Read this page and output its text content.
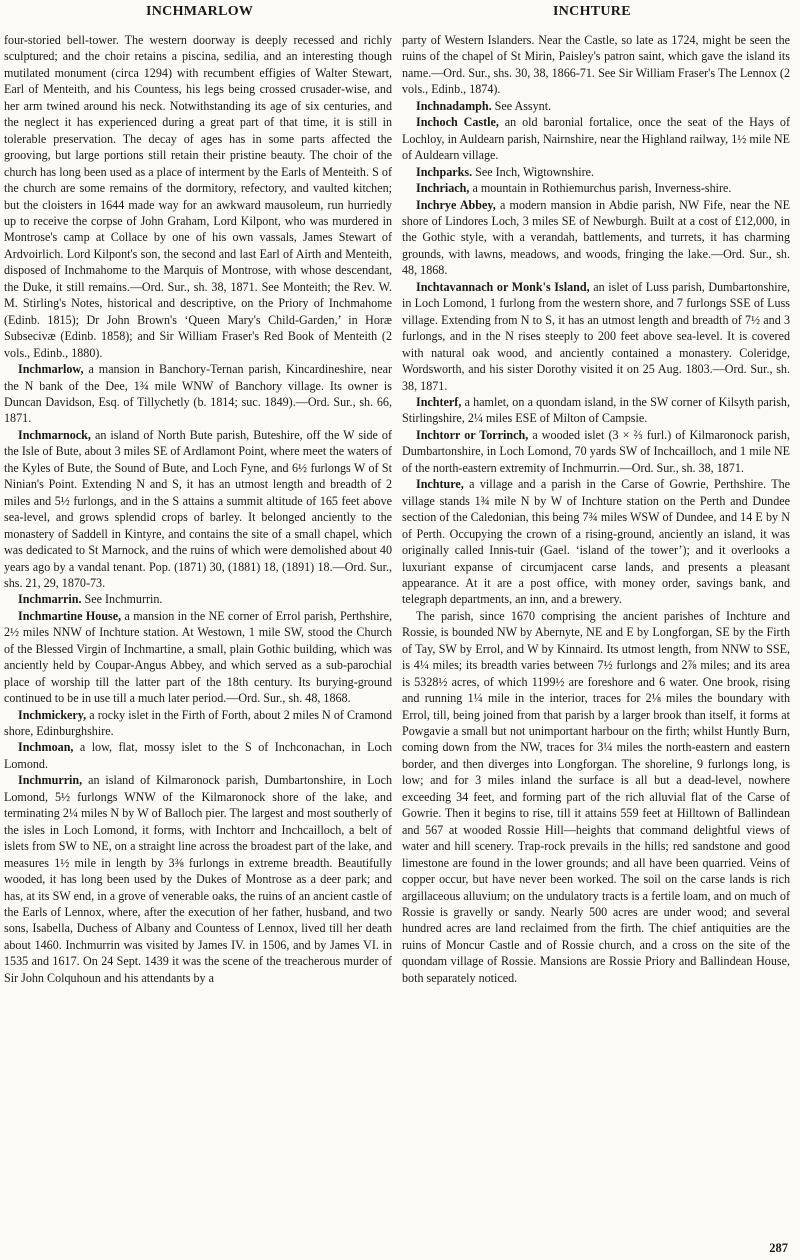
INCHMARLOW	INCHTURE

four-storied bell-tower. The western doorway is deeply recessed and richly sculptured; and the choir retains a piscina, sedilia, and an interesting though mutilated monument (circa 1294) with recumbent effigies of Walter Stewart, Earl of Menteith, and his Countess, his legs being crossed crusader-wise, and her arm twined around his neck. Notwithstanding its age of six centuries, and the neglect it has experienced during a great part of that time, it is still in tolerable preservation. The decay of ages has in some parts affected the grooving, but large portions still retain their pristine beauty. The choir of the church has long been used as a place of interment by the Earls of Menteith. S of the church are some remains of the dormitory, refectory, and vaulted kitchen; but the cloisters in 1644 made way for an awkward mausoleum, run hurriedly up to receive the corpse of John Graham, Lord Kilpont, who was murdered in Montrose's camp at Collace by one of his own vassals, James Stewart of Ardvoirlich. Lord Kilpont's son, the second and last Earl of Airth and Menteith, disposed of Inchmahome to the Marquis of Montrose, with whose descendant, the Duke, it still remains.—Ord. Sur., sh. 38, 1871. See Monteith; the Rev. W. M. Stirling's Notes, historical and descriptive, on the Priory of Inchmahome (Edinb. 1815); Dr John Brown's ‘Queen Mary's Child-Garden,’ in Horæ Subsecivæ (Edinb. 1858); and Sir William Fraser's Red Book of Menteith (2 vols., Edinb., 1880).

Inchmarlow, a mansion in Banchory-Ternan parish, Kincardineshire, near the N bank of the Dee, 1¾ mile WNW of Banchory village. Its owner is Duncan Davidson, Esq. of Tillychetly (b. 1814; suc. 1849).—Ord. Sur., sh. 66, 1871.

Inchmarnock, an island of North Bute parish, Buteshire, off the W side of the Isle of Bute, about 3 miles SE of Ardlamont Point, where meet the waters of the Kyles of Bute, the Sound of Bute, and Loch Fyne, and 6½ furlongs W of St Ninian's Point. Extending N and S, it has an utmost length and breadth of 2 miles and 5½ furlongs, and in the S attains a summit altitude of 165 feet above sea-level, and grows splendid crops of barley. It belonged anciently to the monastery of Saddell in Kintyre, and contains the site of a small chapel, which was dedicated to St Marnock, and the ruins of which were demolished about 40 years ago by a vandal tenant. Pop. (1871) 30, (1881) 18, (1891) 18.—Ord. Sur., shs. 21, 29, 1870-73.

Inchmarrin. See Inchmurrin.

Inchmartine House, a mansion in the NE corner of Errol parish, Perthshire, 2½ miles NNW of Inchture station. At Westown, 1 mile SW, stood the Church of the Blessed Virgin of Inchmartine, a small, plain Gothic building, which was anciently held by Coupar-Angus Abbey, and which served as a sub-parochial place of worship till the latter part of the 18th century. Its burying-ground continued to be in use till a much later period.—Ord. Sur., sh. 48, 1868.

Inchmickery, a rocky islet in the Firth of Forth, about 2 miles N of Cramond shore, Edinburghshire.

Inchmoan, a low, flat, mossy islet to the S of Inchconachan, in Loch Lomond.

Inchmurrin, an island of Kilmaronock parish, Dumbartonshire, in Loch Lomond, 5½ furlongs WNW of the Kilmaronock shore of the lake, and terminating 2¼ miles N by W of Balloch pier. The largest and most southerly of the isles in Loch Lomond, it forms, with Inchtorr and Inchcailloch, a belt of islets from SW to NE, on a straight line across the broadest part of the lake, and measures 1½ mile in length by 3⅜ furlongs in extreme breadth. Beautifully wooded, it has long been used by the Dukes of Montrose as a deer park; and has, at its SW end, in a grove of venerable oaks, the ruins of an ancient castle of the Earls of Lennox, where, after the execution of her father, husband, and two sons, Isabella, Duchess of Albany and Countess of Lennox, lived till her death about 1460. Inchmurrin was visited by James IV. in 1506, and by James VI. in 1535 and 1617. On 24 Sept. 1439 it was the scene of the treacherous murder of Sir John Colquhoun and his attendants by a

party of Western Islanders. Near the Castle, so late as 1724, might be seen the ruins of the chapel of St Mirin, Paisley's patron saint, which gave the island its name.—Ord. Sur., shs. 30, 38, 1866-71. See Sir William Fraser's The Lennox (2 vols., Edinb., 1874).

Inchnadamph. See Assynt.

Inchoch Castle, an old baronial fortalice, once the seat of the Hays of Lochloy, in Auldearn parish, Nairnshire, near the Highland railway, 1½ mile NE of Auldearn village.

Inchparks. See Inch, Wigtownshire.

Inchriach, a mountain in Rothiemurchus parish, Inverness-shire.

Inchrye Abbey, a modern mansion in Abdie parish, NW Fife, near the NE shore of Lindores Loch, 3 miles SE of Newburgh. Built at a cost of £12,000, in the Gothic style, with a verandah, battlements, and turrets, it has charming grounds, with lawns, meadows, and woods, fringing the lake.—Ord. Sur., sh. 48, 1868.

Inchtavannach or Monk's Island, an islet of Luss parish, Dumbartonshire, in Loch Lomond, 1 furlong from the western shore, and 7 furlongs SSE of Luss village. Extending from N to S, it has an utmost length and breadth of 7½ and 3 furlongs, and in the N rises steeply to 200 feet above sea-level. It is covered with natural oak wood, and anciently contained a monastery. Coleridge, Wordsworth, and his sister Dorothy visited it on 25 Aug. 1803.—Ord. Sur., sh. 38, 1871.

Inchterf, a hamlet, on a quondam island, in the SW corner of Kilsyth parish, Stirlingshire, 2¼ miles ESE of Milton of Campsie.

Inchtorr or Torrinch, a wooded islet (3 × ⅔ furl.) of Kilmaronock parish, Dumbartonshire, in Loch Lomond, 70 yards SW of Inchcailloch, and 1 mile NE of the north-eastern extremity of Inchmurrin.—Ord. Sur., sh. 38, 1871.

Inchture, a village and a parish in the Carse of Gowrie, Perthshire. The village stands 1¾ mile N by W of Inchture station on the Perth and Dundee section of the Caledonian, this being 7¾ miles WSW of Dundee, and 14 E by N of Perth. Occupying the crown of a rising-ground, anciently an island, it was originally called Innis-tuir (Gael. ‘island of the tower’); and it overlooks a luxuriant expanse of circumjacent carse lands, and presents a pleasant appearance. At it are a post office, with money order, savings bank, and telegraph departments, an inn, and a brewery.

The parish, since 1670 comprising the ancient parishes of Inchture and Rossie, is bounded NW by Abernyte, NE and E by Longforgan, SE by the Firth of Tay, SW by Errol, and W by Kinnaird. Its utmost length, from NNW to SSE, is 4¼ miles; its breadth varies between 7½ furlongs and 2⅞ miles; and its area is 5328½ acres, of which 1199½ are foreshore and 6 water. One brook, rising and running 1¼ mile in the interior, traces for 2⅛ miles the boundary with Errol, till, being joined from that parish by a larger brook than itself, it forms at Powgavie a small but not unimportant harbour on the firth; whilst Huntly Burn, coming down from the NW, traces for 3¼ miles the north-eastern and eastern border, and then diverges into Longforgan. The shoreline, 9 furlongs long, is low; and for 3 miles inland the surface is all but a dead-level, nowhere exceeding 34 feet, and forming part of the rich alluvial flat of the Carse of Gowrie. Then it begins to rise, till it attains 559 feet at Hilltown of Ballindean and 567 at wooded Rossie Hill—heights that command delightful views of water and hill scenery. Trap-rock prevails in the hills; red sandstone and good limestone are found in the lower grounds; and all have been quarried. Veins of copper occur, but have never been worked. The soil on the carse lands is rich argillaceous alluvium; on the undulatory tracts is a fertile loam, and on much of Rossie is gravelly or sandy. Nearly 500 acres are under wood; and several hundred acres are land reclaimed from the firth. The chief antiquities are the ruins of Moncur Castle and of Rossie church, and a cross on the site of the quondam village of Rossie. Mansions are Rossie Priory and Ballindean House, both separately noticed.

287
